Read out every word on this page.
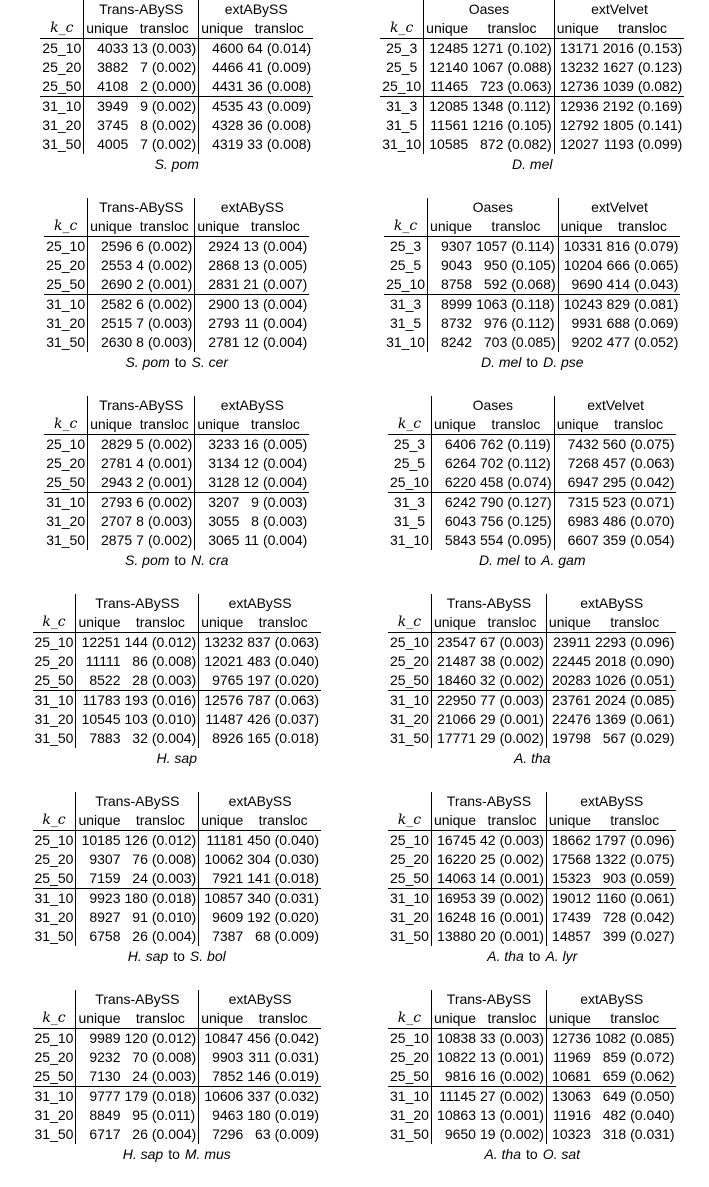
	Trans-ABySS			extABySS		
k_c	unique	transloc		unique	transloc	
25_10	4033	13	(0.003)	4600	64	(0.014)
25_20	3882	7	(0.002)	4466	41	(0.009)
25_50	4108	2	(0.000)	4431	36	(0.008)
31_10	3949	9	(0.002)	4535	43	(0.009)
31_20	3745	8	(0.002)	4328	36	(0.008)
31_50	4005	7	(0.002)	4319	33	(0.008)
S. pom
	Oases			extVelvet		
k_c	unique	transloc		unique	transloc	
25_3	12485	1271	(0.102)	13171	2016	(0.153)
25_5	12140	1067	(0.088)	13232	1627	(0.123)
25_10	11465	723	(0.063)	12736	1039	(0.082)
31_3	12085	1348	(0.112)	12936	2192	(0.169)
31_5	11561	1216	(0.105)	12792	1805	(0.141)
31_10	10585	872	(0.082)	12027	1193	(0.099)
D. mel
	Trans-ABySS			extABySS		
k_c	unique	transloc		unique	transloc	
25_10	2596	6	(0.002)	2924	13	(0.004)
25_20	2553	4	(0.002)	2868	13	(0.005)
25_50	2690	2	(0.001)	2831	21	(0.007)
31_10	2582	6	(0.002)	2900	13	(0.004)
31_20	2515	7	(0.003)	2793	11	(0.004)
31_50	2630	8	(0.003)	2781	12	(0.004)
S. pom to S. cer
	Oases			extVelvet		
k_c	unique	transloc		unique	transloc	
25_3	9307	1057	(0.114)	10331	816	(0.079)
25_5	9043	950	(0.105)	10204	666	(0.065)
25_10	8758	592	(0.068)	9690	414	(0.043)
31_3	8999	1063	(0.118)	10243	829	(0.081)
31_5	8732	976	(0.112)	9931	688	(0.069)
31_10	8242	703	(0.085)	9202	477	(0.052)
D. mel to D. pse
	Trans-ABySS			extABySS		
k_c	unique	transloc		unique	transloc	
25_10	2829	5	(0.002)	3233	16	(0.005)
25_20	2781	4	(0.001)	3134	12	(0.004)
25_50	2943	2	(0.001)	3128	12	(0.004)
31_10	2793	6	(0.002)	3207	9	(0.003)
31_20	2707	8	(0.003)	3055	8	(0.003)
31_50	2875	7	(0.002)	3065	11	(0.004)
S. pom to N. cra
	Oases			extVelvet		
k_c	unique	transloc		unique	transloc	
25_3	6406	762	(0.119)	7432	560	(0.075)
25_5	6264	702	(0.112)	7268	457	(0.063)
25_10	6220	458	(0.074)	6947	295	(0.042)
31_3	6242	790	(0.127)	7315	523	(0.071)
31_5	6043	756	(0.125)	6983	486	(0.070)
31_10	5843	554	(0.095)	6607	359	(0.054)
D. mel to A. gam
	Trans-ABySS			extABySS		
k_c	unique	transloc		unique	transloc	
25_10	12251	144	(0.012)	13232	837	(0.063)
25_20	11111	86	(0.008)	12021	483	(0.040)
25_50	8522	28	(0.003)	9765	197	(0.020)
31_10	11783	193	(0.016)	12576	787	(0.063)
31_20	10545	103	(0.010)	11487	426	(0.037)
31_50	7883	32	(0.004)	8926	165	(0.018)
H. sap
	Trans-ABySS			extABySS		
k_c	unique	transloc		unique	transloc	
25_10	23547	67	(0.003)	23911	2293	(0.096)
25_20	21487	38	(0.002)	22445	2018	(0.090)
25_50	18460	32	(0.002)	20283	1026	(0.051)
31_10	22950	77	(0.003)	23761	2024	(0.085)
31_20	21066	29	(0.001)	22476	1369	(0.061)
31_50	17771	29	(0.002)	19798	567	(0.029)
A. tha
	Trans-ABySS			extABySS		
k_c	unique	transloc		unique	transloc	
25_10	10185	126	(0.012)	11181	450	(0.040)
25_20	9307	76	(0.008)	10062	304	(0.030)
25_50	7159	24	(0.003)	7921	141	(0.018)
31_10	9923	180	(0.018)	10857	340	(0.031)
31_20	8927	91	(0.010)	9609	192	(0.020)
31_50	6758	26	(0.004)	7387	68	(0.009)
H. sap to S. bol
	Trans-ABySS			extABySS		
k_c	unique	transloc		unique	transloc	
25_10	16745	42	(0.003)	18662	1797	(0.096)
25_20	16220	25	(0.002)	17568	1322	(0.075)
25_50	14063	14	(0.001)	15323	903	(0.059)
31_10	16953	39	(0.002)	19012	1160	(0.061)
31_20	16248	16	(0.001)	17439	728	(0.042)
31_50	13880	20	(0.001)	14857	399	(0.027)
A. tha to A. lyr
	Trans-ABySS			extABySS		
k_c	unique	transloc		unique	transloc	
25_10	9989	120	(0.012)	10847	456	(0.042)
25_20	9232	70	(0.008)	9903	311	(0.031)
25_50	7130	24	(0.003)	7852	146	(0.019)
31_10	9777	179	(0.018)	10606	337	(0.032)
31_20	8849	95	(0.011)	9463	180	(0.019)
31_50	6717	26	(0.004)	7296	63	(0.009)
H. sap to M. mus
	Trans-ABySS			extABySS		
k_c	unique	transloc		unique	transloc	
25_10	10838	33	(0.003)	12736	1082	(0.085)
25_20	10822	13	(0.001)	11969	859	(0.072)
25_50	9816	16	(0.002)	10681	659	(0.062)
31_10	11145	27	(0.002)	13063	649	(0.050)
31_20	10863	13	(0.001)	11916	482	(0.040)
31_50	9650	19	(0.002)	10323	318	(0.031)
A. tha to O. sat
